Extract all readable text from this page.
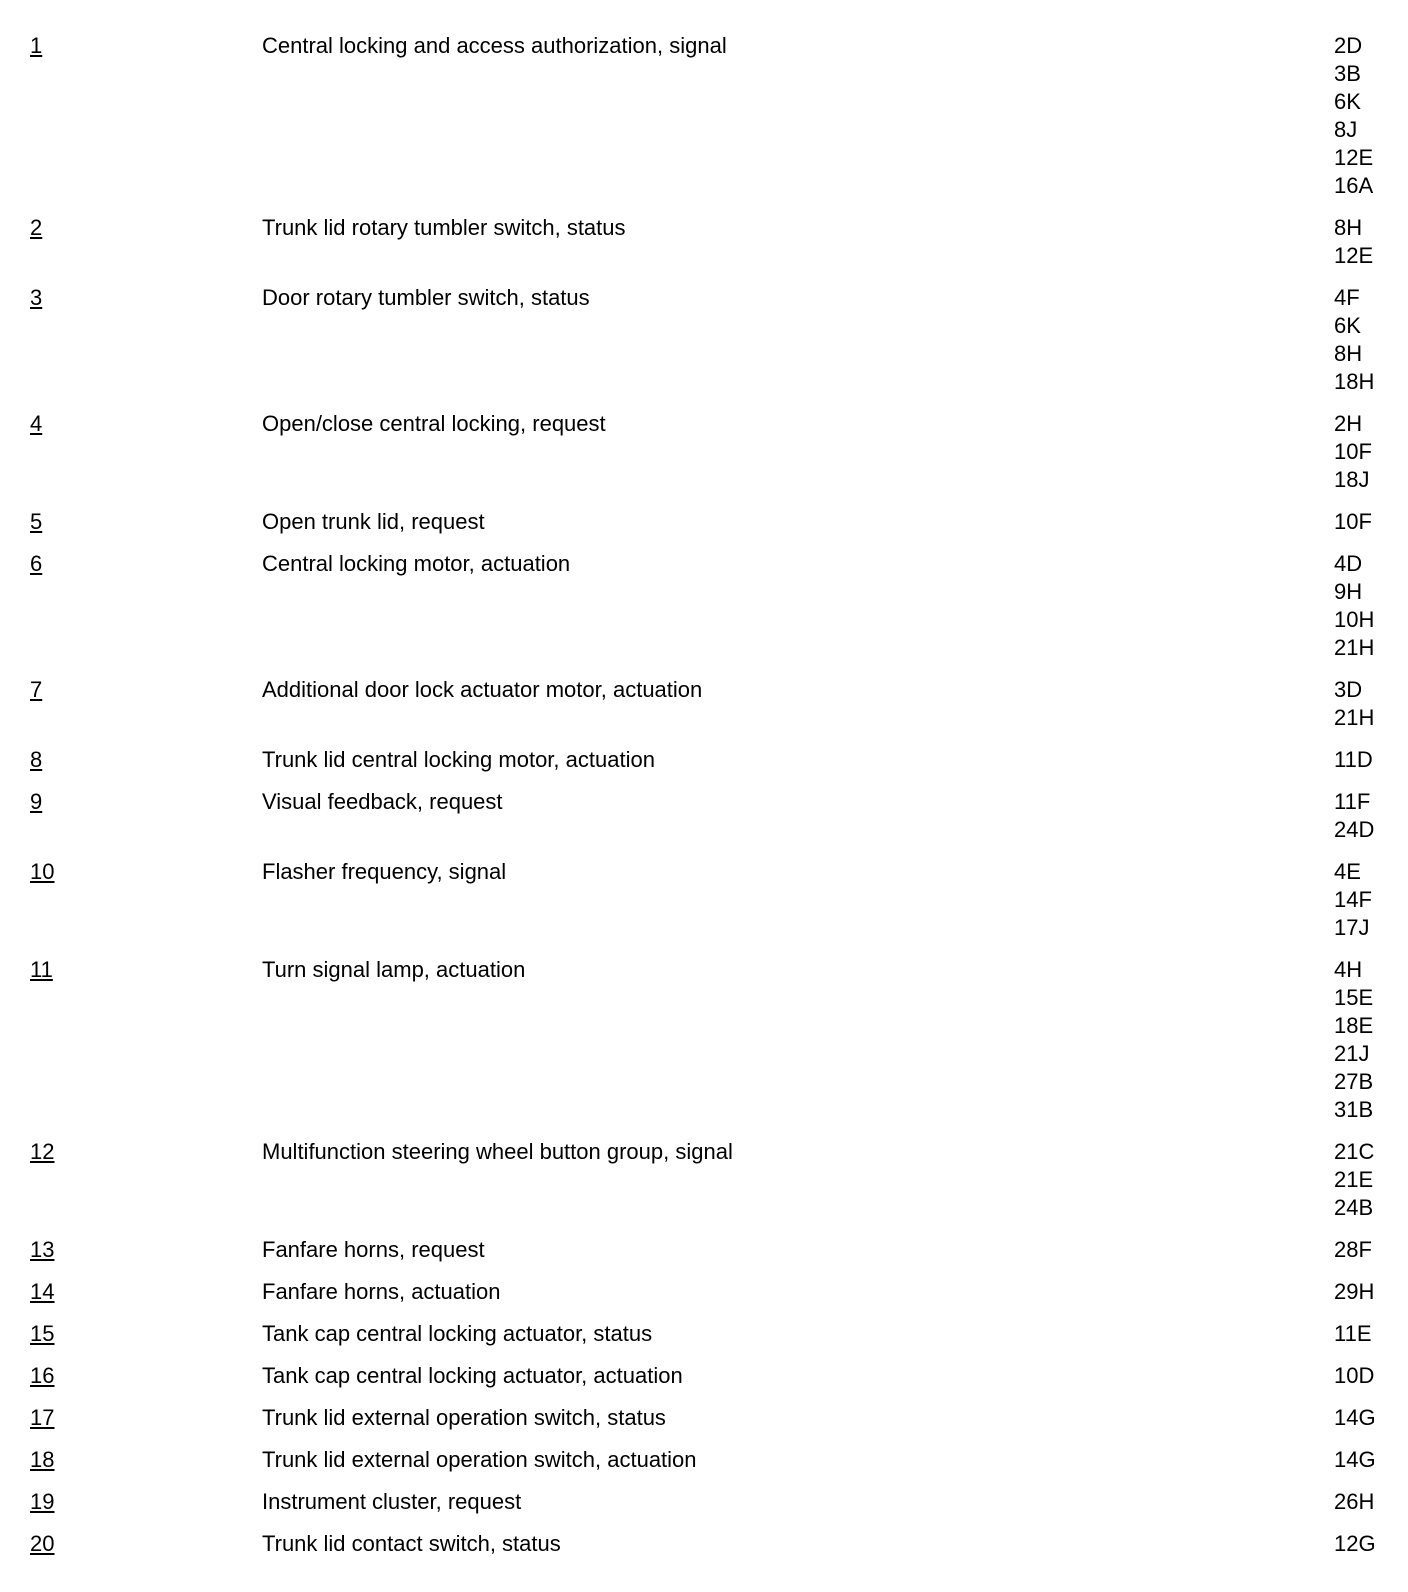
1	Central locking and access authorization, signal	2D
3B
6K
8J
12E
16A
2	Trunk lid rotary tumbler switch, status	8H
12E
3	Door rotary tumbler switch, status	4F
6K
8H
18H
4	Open/close central locking, request	2H
10F
18J
5	Open trunk lid, request	10F
6	Central locking motor, actuation	4D
9H
10H
21H
7	Additional door lock actuator motor, actuation	3D
21H
8	Trunk lid central locking motor, actuation	11D
9	Visual feedback, request	11F
24D
10	Flasher frequency, signal	4E
14F
17J
11	Turn signal lamp, actuation	4H
15E
18E
21J
27B
31B
12	Multifunction steering wheel button group, signal	21C
21E
24B
13	Fanfare horns, request	28F
14	Fanfare horns, actuation	29H
15	Tank cap central locking actuator, status	11E
16	Tank cap central locking actuator, actuation	10D
17	Trunk lid external operation switch, status	14G
18	Trunk lid external operation switch, actuation	14G
19	Instrument cluster, request	26H
20	Trunk lid contact switch, status	12G
